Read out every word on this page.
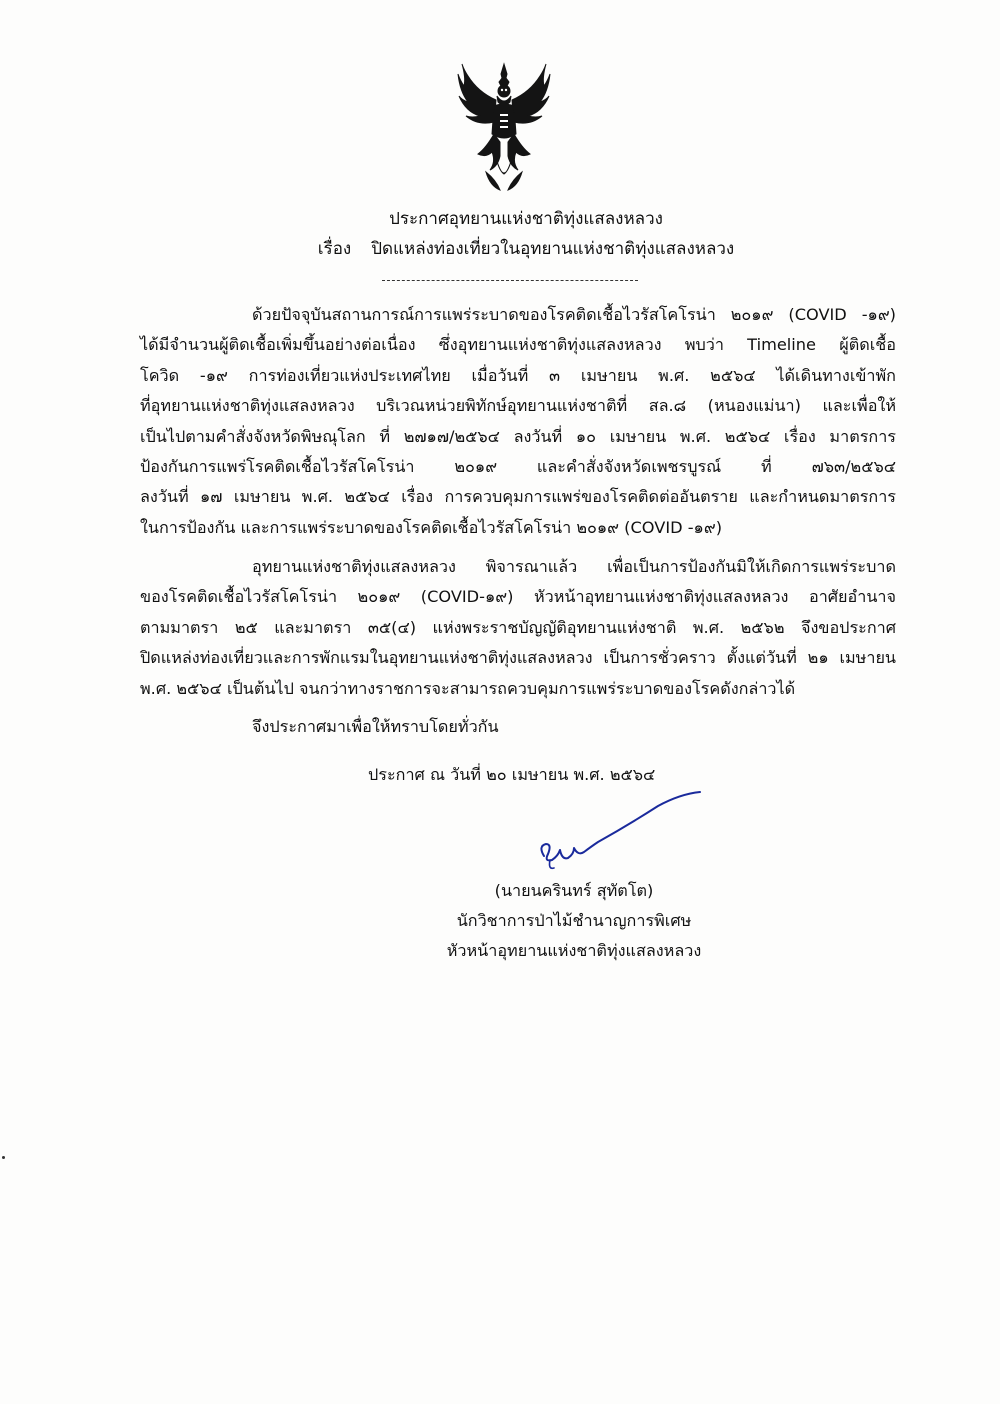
ประกาศอุทยานแห่งชาติทุ่งแสลงหลวง
เรื่อง ปิดแหล่งท่องเที่ยวในอุทยานแห่งชาติทุ่งแสลงหลวง
ด้วยปัจจุบันสถานการณ์การแพร่ระบาดของโรคติดเชื้อไวรัสโคโรน่า ๒๐๑๙ (COVID -๑๙)
ได้มีจำนวนผู้ติดเชื้อเพิ่มขึ้นอย่างต่อเนื่อง ซึ่งอุทยานแห่งชาติทุ่งแสลงหลวง พบว่า Timeline ผู้ติดเชื้อ
โควิด -๑๙ การท่องเที่ยวแห่งประเทศไทย เมื่อวันที่ ๓ เมษายน พ.ศ. ๒๕๖๔ ได้เดินทางเข้าพัก
ที่อุทยานแห่งชาติทุ่งแสลงหลวง บริเวณหน่วยพิทักษ์อุทยานแห่งชาติที่ สล.๘ (หนองแม่นา) และเพื่อให้
เป็นไปตามคำสั่งจังหวัดพิษณุโลก ที่ ๒๗๑๗/๒๕๖๔ ลงวันที่ ๑๐ เมษายน พ.ศ. ๒๕๖๔ เรื่อง มาตรการ
ป้องกันการแพร่โรคติดเชื้อไวรัสโคโรน่า ๒๐๑๙ และคำสั่งจังหวัดเพชรบูรณ์ ที่ ๗๖๓/๒๕๖๔
ลงวันที่ ๑๗ เมษายน พ.ศ. ๒๕๖๔ เรื่อง การควบคุมการแพร่ของโรคติดต่ออันตราย และกำหนดมาตรการ
ในการป้องกัน และการแพร่ระบาดของโรคติดเชื้อไวรัสโคโรน่า ๒๐๑๙ (COVID -๑๙)
อุทยานแห่งชาติทุ่งแสลงหลวง พิจารณาแล้ว เพื่อเป็นการป้องกันมิให้เกิดการแพร่ระบาด
ของโรคติดเชื้อไวรัสโคโรน่า ๒๐๑๙ (COVID-๑๙) หัวหน้าอุทยานแห่งชาติทุ่งแสลงหลวง อาศัยอำนาจ
ตามมาตรา ๒๕ และมาตรา ๓๕(๔) แห่งพระราชบัญญัติอุทยานแห่งชาติ พ.ศ. ๒๕๖๒ จึงขอประกาศ
ปิดแหล่งท่องเที่ยวและการพักแรมในอุทยานแห่งชาติทุ่งแสลงหลวง เป็นการชั่วคราว ตั้งแต่วันที่ ๒๑ เมษายน
พ.ศ. ๒๕๖๔ เป็นต้นไป จนกว่าทางราชการจะสามารถควบคุมการแพร่ระบาดของโรคดังกล่าวได้
จึงประกาศมาเพื่อให้ทราบโดยทั่วกัน
ประกาศ ณ วันที่ ๒๐ เมษายน พ.ศ. ๒๕๖๔
(นายนครินทร์ สุทัตโต)
นักวิชาการป่าไม้ชำนาญการพิเศษ
หัวหน้าอุทยานแห่งชาติทุ่งแสลงหลวง
